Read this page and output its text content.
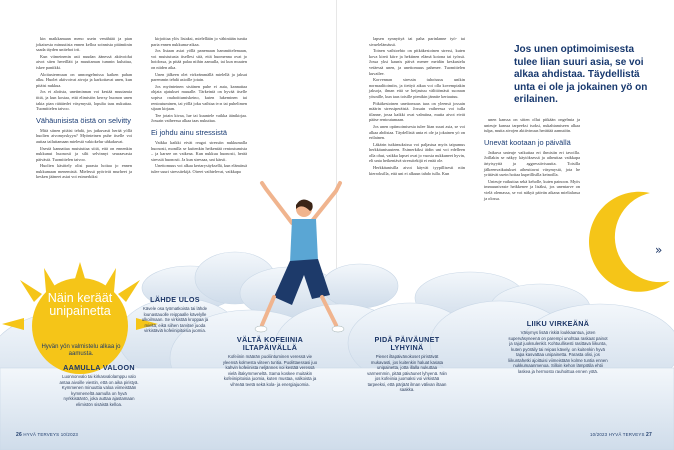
kin maikkamaan meno usein venähtää ja pian jokaisesta minuutista ennen kelloa soinnista pitämiinin saada täyden unitehot irti.

Kun viimeinenin asti nuudan äänessä aktivoidut aivot siten hereilläit ja muuttaman tumnin kuluttua, iskee paniikki.

Aloitustermuun on unnongelmissa kaiken pahan alku. Huolet aktivoivat aivoja ja karkottavat unen, kun pitäisi nukkua.

Jos et aloitsta, unetiminnan voi kestää muutamia tittä, ja kun kostaa, että elimistön kerrsy huonon unen takia pian räätäedet väsymystä, lopulta taas nukuttaa. Tuomittelen taivoo.

Vähäunisista öistä on selvitty

Mitä siinen pitäisi tehdä, jos jatkuvasti herää yöllä huolien aivomyrskyyn? Myönteinen puhe itselle voi auttaa tailuttamaan mielestä vakiokelur uhkakuvat.

Ifsestä kannattaa muistuttaa siitä, että on ennenkin nukkunut huonosti ja silti selvinnyt seuraavasta päivästä. Tuomittelen taivoo.

Huolien käsittely olisi parasta hoitaa jo ennen nukkumaan menemistä. Mielessä pyörivät murheet ja kesken jääneet asiat voi esimerkiksi

kirjoittaa ylös listaksi, mielellään jo vähintään tuntia paria ennen nukkuma-aikaa.

Jos listaan asiat yöllä panemaan hammittelemaan, voi muistutusta itsellesi sitä, että huomenna ovat jo hoidossa, ja pitää palaa niihin aamulla, tai kun muuten on niiden aika.

Unen jälkeen olet virkeämmällä mielellä ja jaksat paremmin tehdä asioille jotain.

Jos myönteinen sisäinen puhe ei auta, kannattaa ohjata ajatukset muualle. Tärkeintä on hyvää itselle sopiva rauhoittumiskeino, kuten lukeminen tai rentoutuminen, tai yöllä joku vaihtaa tv:n tai puhelimen sijaan kirjaan.

Tee jotain kivaa, lue tai kuuntele vaikka äänikirjaa. Jossain vaiheessa alkaa taas nukuttaa.

Ei johdu ainu stressistä

Vaikka kaikki eivät reagoi stressiin nukkumalla huonosti, monilla se kuitenkin heikentää rentoutumista – ja karsee on vaikeaa. Kun nukkuu huonosti, herää stressiä huonosti. Ja kun stressaa, uni kärsii.

Unettomuus voi alkaa kertarysäyksellä, kun elämässä tulee suuri stressitekijä. Oireet vaihtelevat, vaikkapa

lapsen synnyttyä tai paha parinlanne työ- tai sivuelelämässä.

Toinen vaihtoehto on pitkäkestoinen stressi, kuten kova kireä kiire ja hektinen elämä kotona tai työssä. Jossa yksi kaunis päivä menee meidän keskustelu vetäessä unen, ja unettomuus pahenee. Tuomittelen kuvailee.

Korvennan stressin tuhoisuus unikin normaalitoimiin, ja tiettyä aikaa voi olla kovempiakin jaksoja, ilman että se heijastuu välittömästi suoraan yöunille, kun taas toisille pienikin jännite kertautuu.

Pitkäkestoinen unettomuus taas on yleensä jossain määrin stressiperäistä. Jossain vaiheessa voi tulla tilanne, jossa kaikki ovat valmiina, mutta aivot eivät pääse rentoutumaan.

Jos unen optimoimisesta tulee liian suuri asia, se voi alkaa ahdistaa. Täydellistä unta ei ole ja jokainen yö on erilainen.

Läkärin tutkimuksissa voi paljastua myös taipumus herkkäunisuuteen. Esimerkiksi äidin uni voi edelleen olla ohut, vaikka lapset ovat jo vuosia nukkuneet hyvin, eli unta heikentävä stressitekijä ei enää ole.

Herkkäunisilla aivot käyvät tyypillisesti niin kierroksilla, että uni ei alkuun tahdo tulla. Kun

Jos unen optimoimisesta tulee liian suuri asia, se voi alkaa ahdistaa. Täydellistä unta ei ole ja jokainen yö on erilainen.

unen kanssa on sitten ollut pitkään ongelmia ja unteuje kanssa tarpeeksi tsoksi, nukahtamiseen alkaa tulpa, mutta aivojen aktiivinuus herättää aamutöin.

Unevät kootaan jo päivällä

Jatkuva unteuje vaikuttaa eri ihmisiin eri tavoilla. Joillakin se näkyy käytöksessä ja aiheuttaa vaikkapa ärtyisyyttä ja aggressiivisuutta. Toisilla jälkeenvaikutukset aiheuttavat väsymystä, jota he yrittävät usein hoitaa kupeillisilla keinoilla.

Unteuje vaikuttaa sekä keholle, kuten painoon. Myös immuunivaste heikkenee ja lisäksi, jos unentarve on vielä olemassa, se voi näkyä päivän aikana mielialassa ja olossa.

»
Näin keräät unipainetta
Hyvän yön valmistelu alkaa jo aamusta.
LÄHDE ULOS

Kävele osa työmatkoista tai lähde lounastauolle reippaalle kävelylle ulkoilmaan. Se virkistää kroppaa ja mieltä, eikä siihen tarvitse juoda virkistäviä kofeiinipitoisia juomia.

AAMULLA VALOON

Luonnonvalo tai kirkasvalolamppu valo antaa aivoille viestin, että on aika piristyä. Kymmenen minuuttia valoa viimeistään kymmeneltä aamulla on hyvä nyrkkisääntö, joka auttaa ajastamaan elimistön sisäistä kelloa.

VÄLTÄ KOFEIINIA ILTAPÄIVÄLLÄ

Kofeiinin määrän puoliintuminen veressä vie yleensä kolmesta viiteen tuntia. Puolittaessasi juo kahvin kofeiinista neljännes voi kestää veressä vielä iltakymmeneltä. Sama koskee muitakin kofeiinipitoisia juomia, kuten mustaa, valkoista ja vihreää teetä sekä kola- ja energiajuomia.

PIDÄ PÄIVÄUNET LYHYINÄ

Pienet iltapäivänokoset piristävät mukavasti, jos kuitenkin haluat kasata unipainetta, jotta illalla nukuttaa varmemmin, pitää päiväunet lyhyenä. Niin jos kofeiinia juomaksi voi virkistää tarpeeksi, että pärjäät ilman välivan iltaan saakka.

LIIKU VIRKEÄNÄ

Väsymys lisää riskiä loukkaantua, joten superväsyneenä on parempi unohtaa raskaat painot ja rajut juoksulenkit. Kohtuullisesti rasittava liikunta, kuten pyöräily tai reipas kävely, on kuitenkin hyvä tapa kasvattaa unipainetta. Parasta olisi, jos liikuntahetki ajoittuisi viimeistään kolme tuntia ennen nukkumaanmenoa. Silloin kehon lämpötila ehtii laskea ja hermosto rauhoittua ennen yötä.

26 HYVÄ TERVEYS 10/2023	10/2023 HYVÄ TERVEYS 27
